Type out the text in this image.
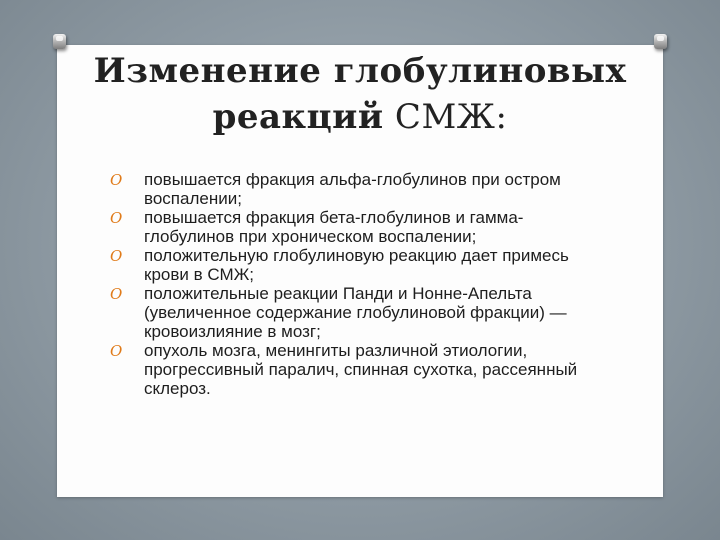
Изменение глобулиновых
реакций СМЖ:
O повышается фракция альфа-глобулинов при остром воспалении;
O повышается фракция бета-глобулинов и гамма-глобулинов при хроническом воспалении;
O положительную глобулиновую реакцию дает примесь крови в СМЖ;
O положительные реакции Панди и Нонне-Апельта (увеличенное содержание глобулиновой фракции) — кровоизлияние в мозг;
O опухоль мозга, менингиты различной этиологии, прогрессивный паралич, спинная сухотка, рассеянный склероз.
